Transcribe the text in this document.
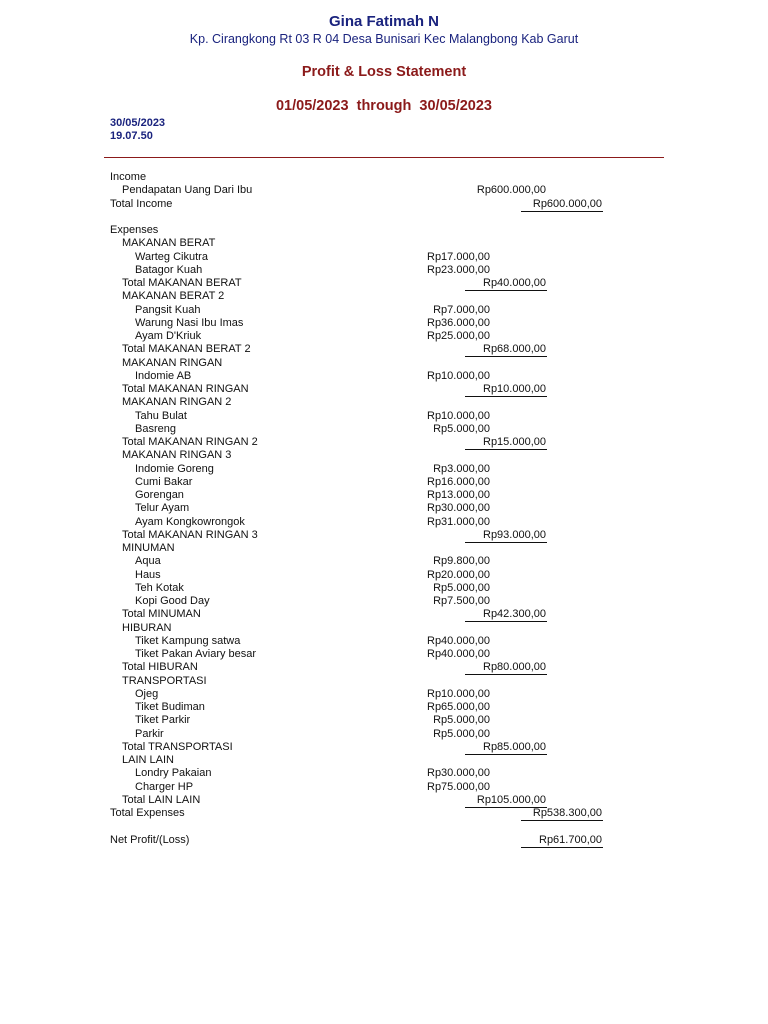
Gina Fatimah N
Kp. Cirangkong Rt 03 R 04 Desa Bunisari Kec Malangbong Kab Garut
Profit & Loss Statement
01/05/2023  through  30/05/2023
30/05/2023
19.07.50
Income
Pendapatan Uang Dari Ibu	Rp600.000,00
Total Income	Rp600.000,00
Expenses
MAKANAN BERAT
Warteg Cikutra	Rp17.000,00
Batagor Kuah	Rp23.000,00
Total MAKANAN BERAT	Rp40.000,00
MAKANAN BERAT 2
Pangsit Kuah	Rp7.000,00
Warung Nasi Ibu Imas	Rp36.000,00
Ayam D'Kriuk	Rp25.000,00
Total MAKANAN BERAT 2	Rp68.000,00
MAKANAN RINGAN
Indomie AB	Rp10.000,00
Total MAKANAN RINGAN	Rp10.000,00
MAKANAN RINGAN 2
Tahu Bulat	Rp10.000,00
Basreng	Rp5.000,00
Total MAKANAN RINGAN 2	Rp15.000,00
MAKANAN RINGAN 3
Indomie Goreng	Rp3.000,00
Cumi Bakar	Rp16.000,00
Gorengan	Rp13.000,00
Telur Ayam	Rp30.000,00
Ayam Kongkowrongok	Rp31.000,00
Total MAKANAN RINGAN 3	Rp93.000,00
MINUMAN
Aqua	Rp9.800,00
Haus	Rp20.000,00
Teh Kotak	Rp5.000,00
Kopi Good Day	Rp7.500,00
Total MINUMAN	Rp42.300,00
HIBURAN
Tiket Kampung satwa	Rp40.000,00
Tiket Pakan Aviary besar	Rp40.000,00
Total HIBURAN	Rp80.000,00
TRANSPORTASI
Ojeg	Rp10.000,00
Tiket Budiman	Rp65.000,00
Tiket Parkir	Rp5.000,00
Parkir	Rp5.000,00
Total TRANSPORTASI	Rp85.000,00
LAIN LAIN
Londry Pakaian	Rp30.000,00
Charger HP	Rp75.000,00
Total LAIN LAIN	Rp105.000,00
Total Expenses	Rp538.300,00
Net Profit/(Loss)	Rp61.700,00
